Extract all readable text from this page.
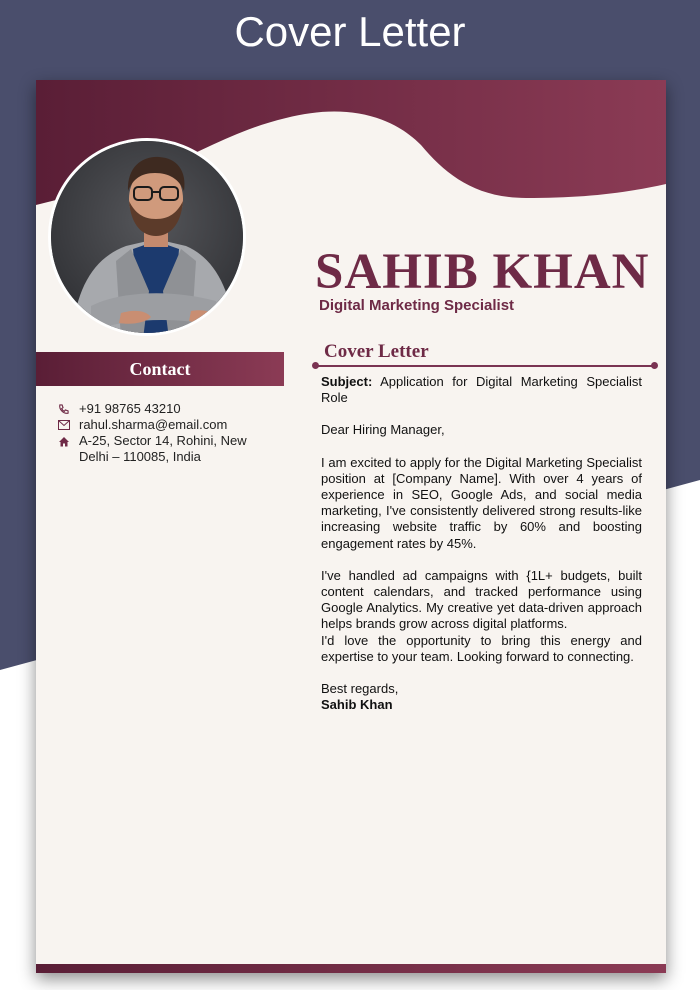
Cover Letter
SAHIB KHAN
Digital Marketing Specialist
Contact
+91 98765 43210
rahul.sharma@email.com
A-25, Sector 14, Rohini, New Delhi – 110085, India
Cover Letter

Subject: Application for Digital Marketing Specialist Role

Dear Hiring Manager,

I am excited to apply for the Digital Marketing Specialist position at [Company Name]. With over 4 years of experience in SEO, Google Ads, and social media marketing, I've consistently delivered strong results-like increasing website traffic by 60% and boosting engagement rates by 45%.

I've handled ad campaigns with {1L+ budgets, built content calendars, and tracked performance using Google Analytics. My creative yet data-driven approach helps brands grow across digital platforms.

I'd love the opportunity to bring this energy and expertise to your team. Looking forward to connecting.

Best regards,

Sahib Khan
